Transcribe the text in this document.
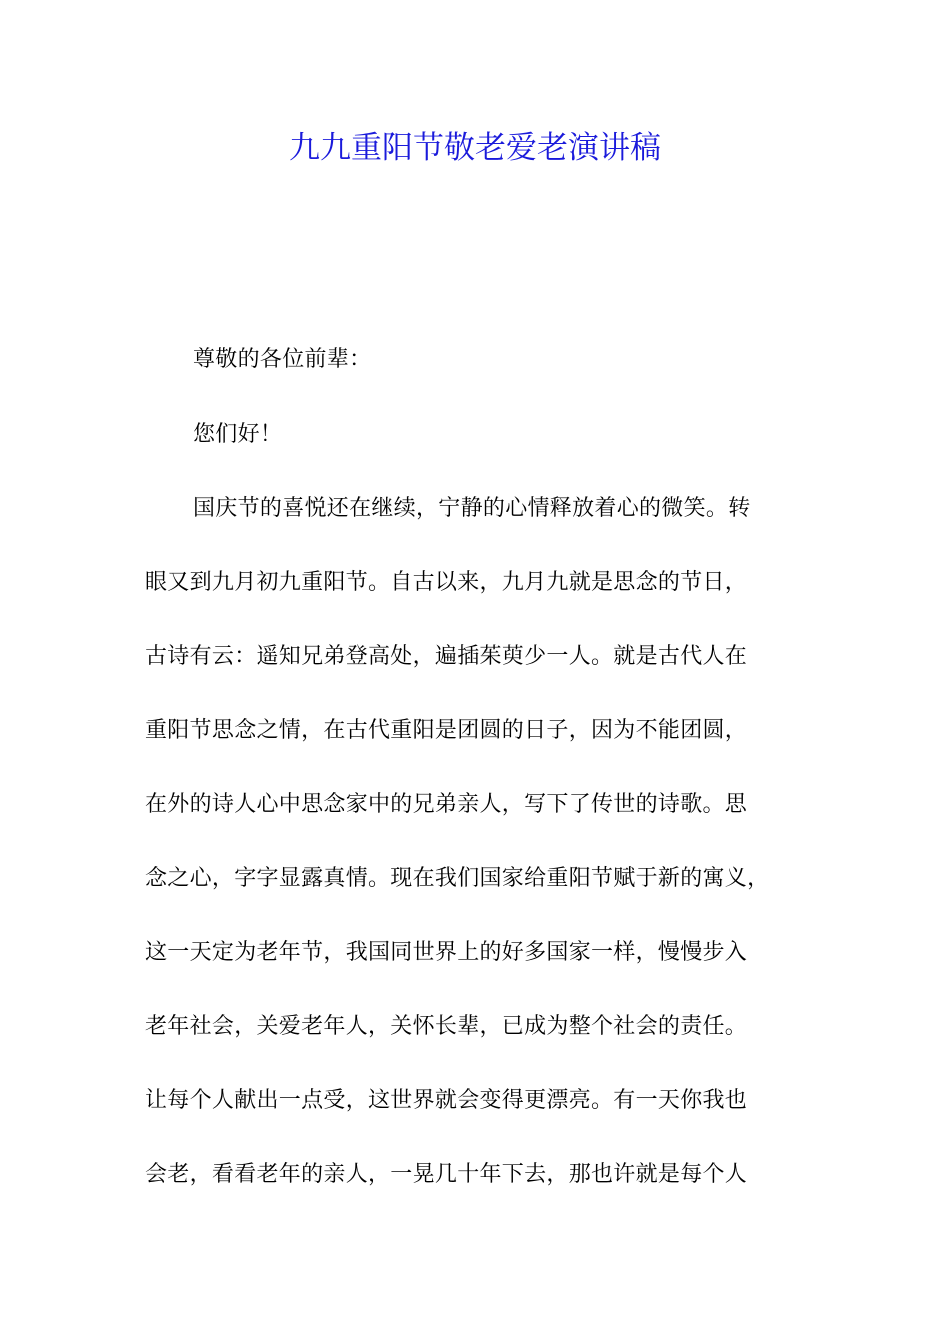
九九重阳节敬老爱老演讲稿
尊敬的各位前辈：
您们好！
国庆节的喜悦还在继续，宁静的心情释放着心的微笑。转
眼又到九月初九重阳节。自古以来，九月九就是思念的节日，
古诗有云：遥知兄弟登高处，遍插茱萸少一人。就是古代人在
重阳节思念之情，在古代重阳是团圆的日子，因为不能团圆，
在外的诗人心中思念家中的兄弟亲人，写下了传世的诗歌。思
念之心，字字显露真情。现在我们国家给重阳节赋于新的寓义，
这一天定为老年节，我国同世界上的好多国家一样，慢慢步入
老年社会，关爱老年人，关怀长辈，已成为整个社会的责任。
让每个人献出一点受，这世界就会变得更漂亮。有一天你我也
会老，看看老年的亲人，一晃几十年下去，那也许就是每个人
